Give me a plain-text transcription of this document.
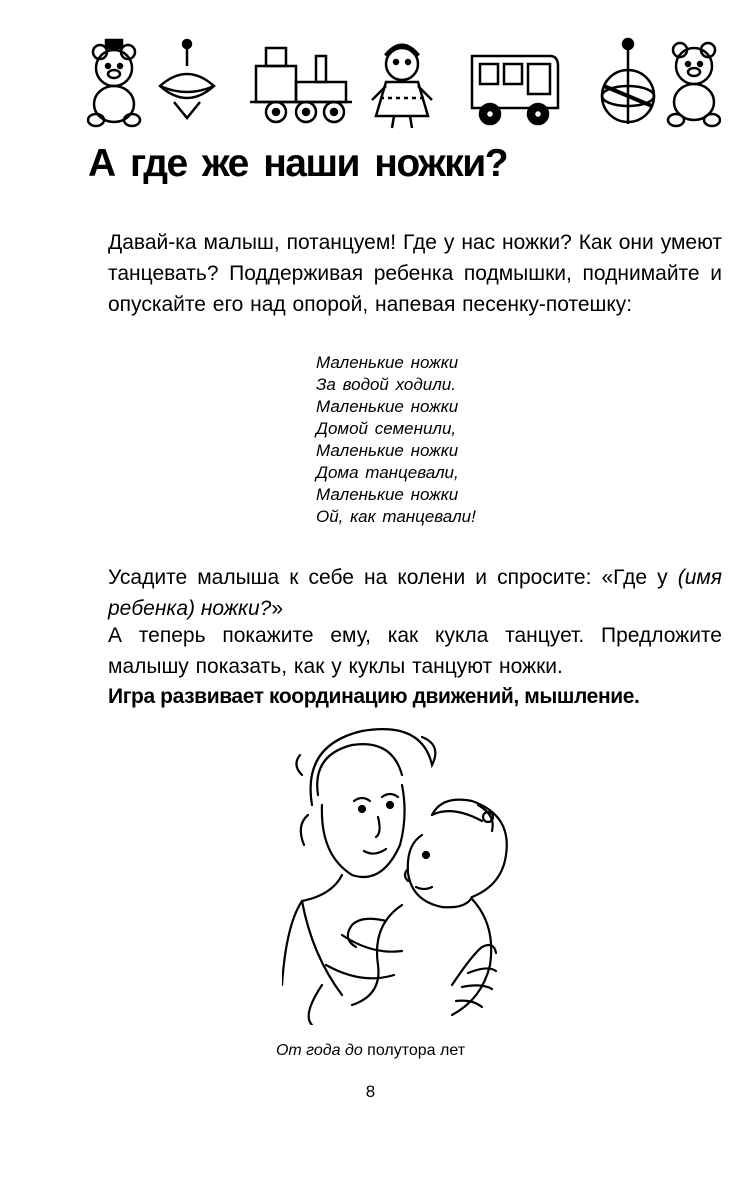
А где же наши ножки?

Давай-ка малыш, потанцуем! Где у нас ножки? Как они умеют танцевать? Поддерживая ребенка подмышки, поднимайте и опускайте его над опорой, напевая песенку-потешку:

Маленькие ножки
За водой ходили.
Маленькие ножки
Домой семенили,
Маленькие ножки
Дома танцевали,
Маленькие ножки
Ой, как танцевали!

Усадите малыша к себе на колени и спросите: «Где у (имя ребенка) ножки?»

А теперь покажите ему, как кукла танцует. Предложите малышу показать, как у куклы танцуют ножки.

Игра развивает координацию движений, мышление.

От года до полутора лет
8
